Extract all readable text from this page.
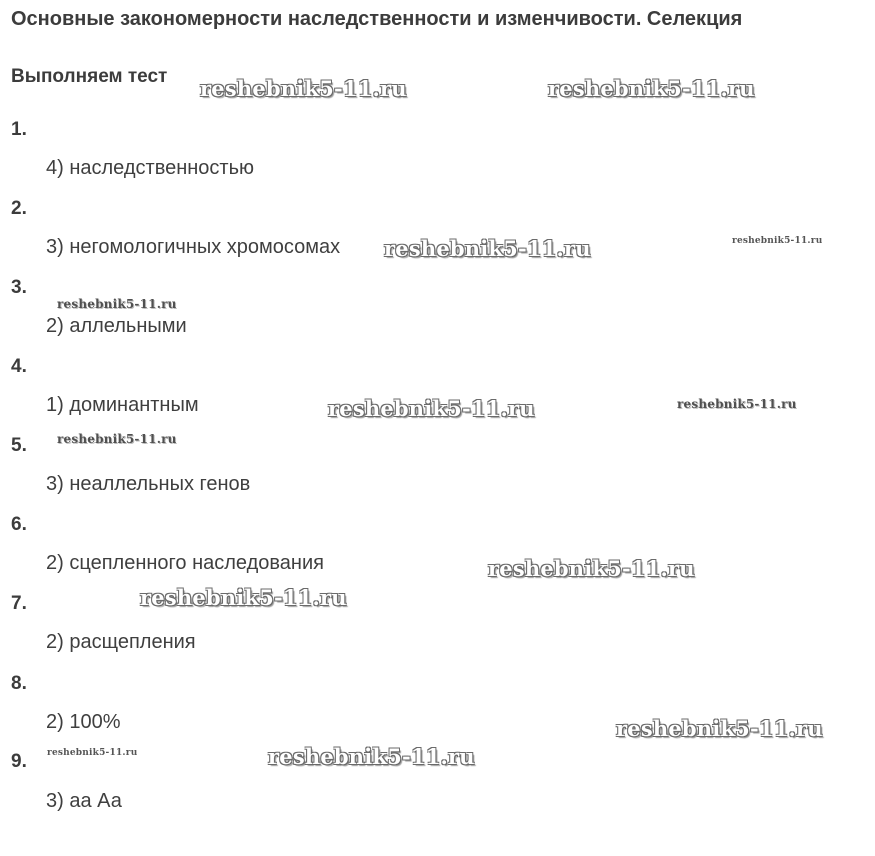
Основные закономерности наследственности и изменчивости. Селекция
Выполняем тест
1.
4) наследственностью
2.
3) негомологичных хромосомах
3.
2) аллельными
4.
1) доминантным
5.
3) неаллельных генов
6.
2) сцепленного наследования
7.
2) расщепления
8.
2) 100%
9.
3) аа Аа
reshebnik5-11.ru	reshebnik5-11.ru
reshebnik5-11.ru	reshebnik5-11.ru
reshebnik5-11.ru
reshebnik5-11.ru	reshebnik5-11.ru
reshebnik5-11.ru
reshebnik5-11.ru
reshebnik5-11.ru
reshebnik5-11.ru
reshebnik5-11.ru	reshebnik5-11.ru
